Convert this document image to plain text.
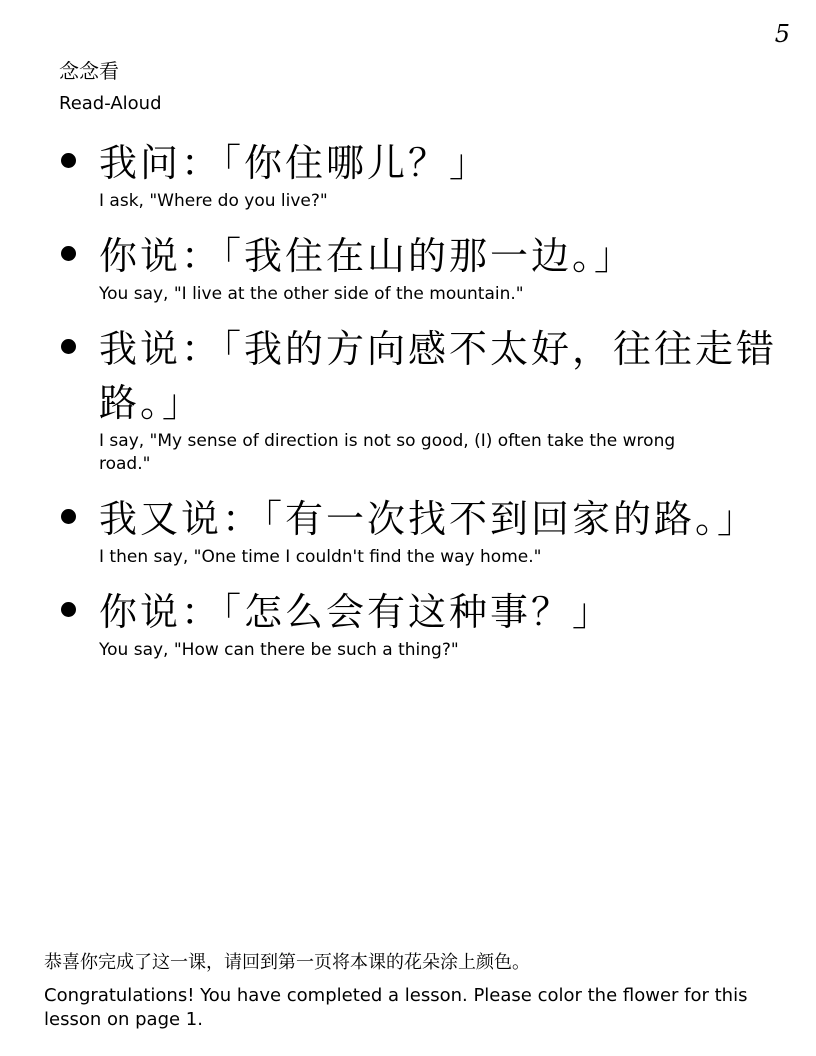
5
念念看
Read-Aloud
我问：「你住哪儿？」
I ask, "Where do you live?"
你说：「我住在山的那一边。」
You say, "I live at the other side of the mountain."
我说：「我的方向感不太好，往往走错路。」
I say, "My sense of direction is not so good, (I) often take the wrong road."
我又说：「有一次找不到回家的路。」
I then say, "One time I couldn't find the way home."
你说：「怎么会有这种事？」
You say, "How can there be such a thing?"
恭喜你完成了这一课，请回到第一页将本课的花朵涂上颜色。
Congratulations! You have completed a lesson. Please color the flower for this lesson on page 1.
